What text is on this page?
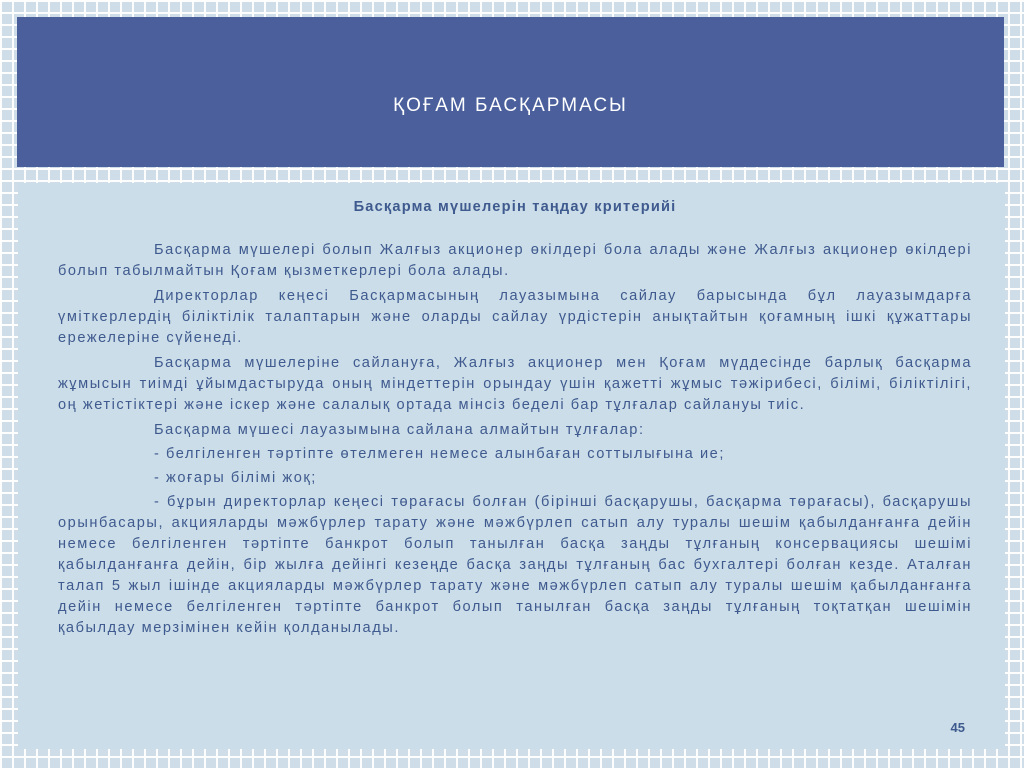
ҚОҒАМ БАСҚАРМАСЫ
Басқарма мүшелерін таңдау критерийі

Басқарма мүшелері болып Жалғыз акционер өкілдері бола алады және Жалғыз акционер өкілдері болып табылмайтын Қоғам қызметкерлері бола алады.

Директорлар кеңесі Басқармасының лауазымына сайлау барысында бұл лауазымдарға үміткерлердің біліктілік талаптарын және оларды сайлау үрдістерін анықтайтын қоғамның ішкі құжаттары ережелеріне сүйенеді.

Басқарма мүшелеріне сайлануға, Жалғыз акционер мен Қоғам мүддесінде барлық басқарма жұмысын тиімді ұйымдастыруда оның міндеттерін орындау үшін қажетті жұмыс тәжірибесі, білімі, біліктілігі, оң жетістіктері және іскер және салалық ортада мінсіз беделі бар тұлғалар сайлануы тиіс.

Басқарма мүшесі лауазымына сайлана алмайтын тұлғалар:

- белгіленген тәртіпте өтелмеген немесе алынбаған соттылығына ие;

- жоғары білімі жоқ;

- бұрын директорлар кеңесі төрағасы болған (бірінші басқарушы, басқарма төрағасы), басқарушы орынбасары, акцияларды мәжбүрлер тарату және мәжбүрлеп сатып алу туралы шешім қабылданғанға дейін немесе белгіленген тәртіпте банкрот болып танылған басқа заңды тұлғаның консервациясы шешімі қабылданғанға дейін, бір жылға дейінгі кезеңде басқа заңды тұлғаның бас бухгалтері болған кезде. Аталған талап 5 жыл ішінде акцияларды мәжбүрлер тарату және мәжбүрлеп сатып алу туралы шешім қабылданғанға дейін немесе белгіленген тәртіпте банкрот болып танылған басқа заңды тұлғаның тоқтатқан шешімін қабылдау мерзімінен кейін қолданылады.

45
